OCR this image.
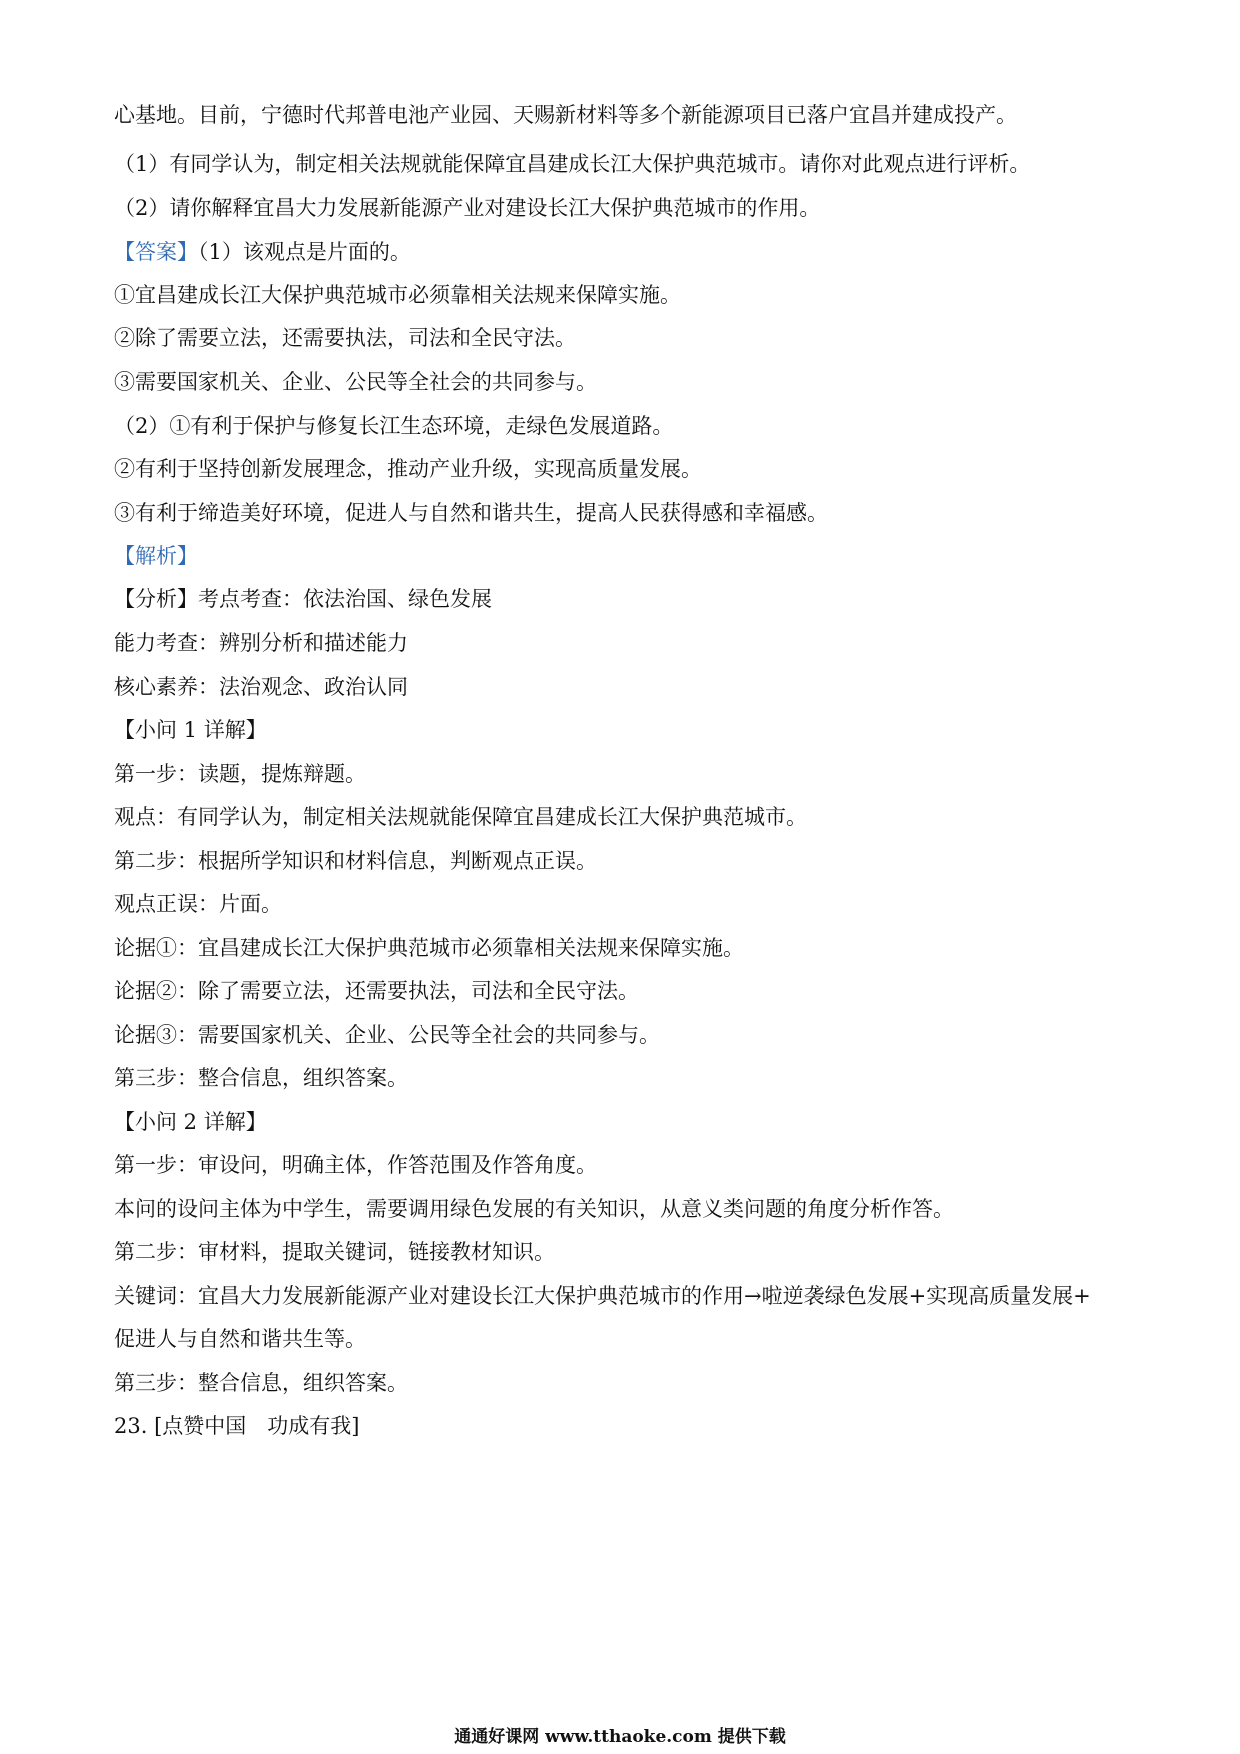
心基地。目前，宁德时代邦普电池产业园、天赐新材料等多个新能源项目已落户宜昌并建成投产。
（1）有同学认为，制定相关法规就能保障宜昌建成长江大保护典范城市。请你对此观点进行评析。
（2）请你解释宜昌大力发展新能源产业对建设长江大保护典范城市的作用。
【答案】（1）该观点是片面的。
①宜昌建成长江大保护典范城市必须靠相关法规来保障实施。
②除了需要立法，还需要执法，司法和全民守法。
③需要国家机关、企业、公民等全社会的共同参与。
（2）①有利于保护与修复长江生态环境，走绿色发展道路。
②有利于坚持创新发展理念，推动产业升级，实现高质量发展。
③有利于缔造美好环境，促进人与自然和谐共生，提高人民获得感和幸福感。
【解析】
【分析】考点考查：依法治国、绿色发展
能力考查：辨别分析和描述能力
核心素养：法治观念、政治认同
【小问 1 详解】
第一步：读题，提炼辩题。
观点：有同学认为，制定相关法规就能保障宜昌建成长江大保护典范城市。
第二步：根据所学知识和材料信息，判断观点正误。
观点正误：片面。
论据①：宜昌建成长江大保护典范城市必须靠相关法规来保障实施。
论据②：除了需要立法，还需要执法，司法和全民守法。
论据③：需要国家机关、企业、公民等全社会的共同参与。
第三步：整合信息，组织答案。
【小问 2 详解】
第一步：审设问，明确主体，作答范围及作答角度。
本问的设问主体为中学生，需要调用绿色发展的有关知识，从意义类问题的角度分析作答。
第二步：审材料，提取关键词，链接教材知识。
关键词：宜昌大力发展新能源产业对建设长江大保护典范城市的作用→啦逆袭绿色发展+实现高质量发展+
促进人与自然和谐共生等。
第三步：整合信息，组织答案。
23. [点赞中国　功成有我]
通通好课网 www.tthaoke.com 提供下载
